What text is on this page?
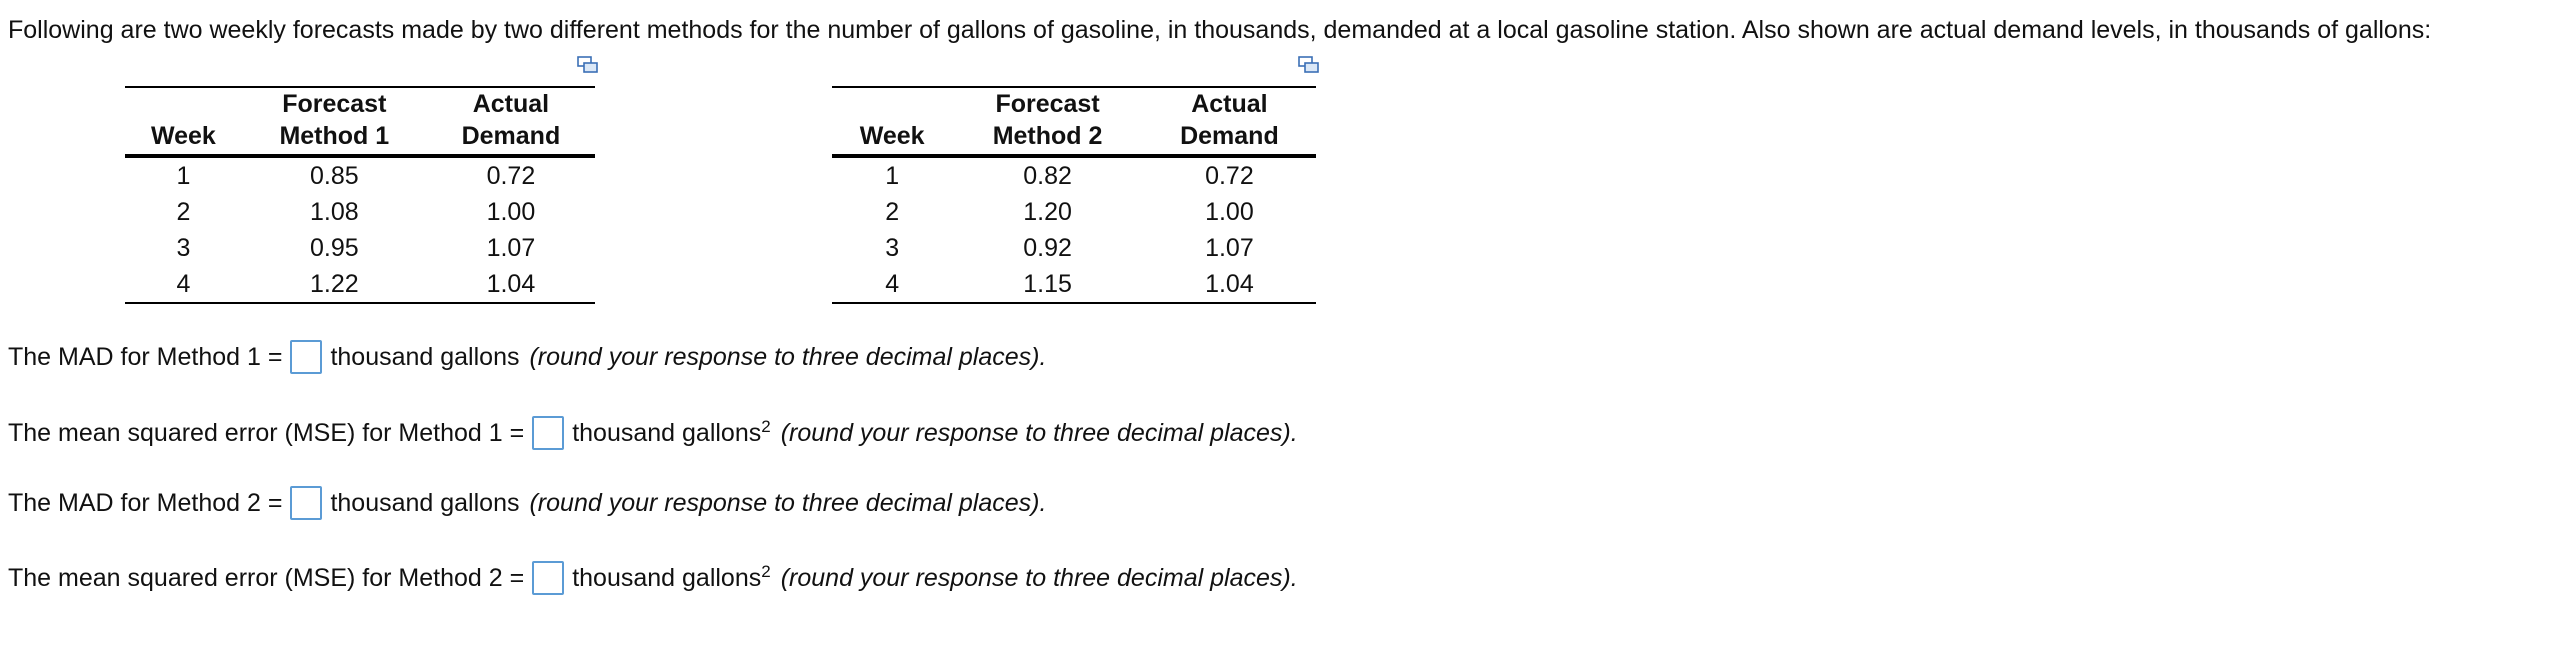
Following are two weekly forecasts made by two different methods for the number of gallons of gasoline, in thousands, demanded at a local gasoline station. Also shown are actual demand levels, in thousands of gallons:
	Forecast	Actual
Week	Method 1	Demand
1	0.85	0.72
2	1.08	1.00
3	0.95	1.07
4	1.22	1.04
	Forecast	Actual
Week	Method 2	Demand
1	0.82	0.72
2	1.20	1.00
3	0.92	1.07
4	1.15	1.04
The MAD for Method 1 = thousand gallons (round your response to three decimal places).
The mean squared error (MSE) for Method 1 = thousand gallons$^2$ (round your response to three decimal places).
The MAD for Method 2 = thousand gallons (round your response to three decimal places).
The mean squared error (MSE) for Method 2 = thousand gallons$^2$ (round your response to three decimal places).
